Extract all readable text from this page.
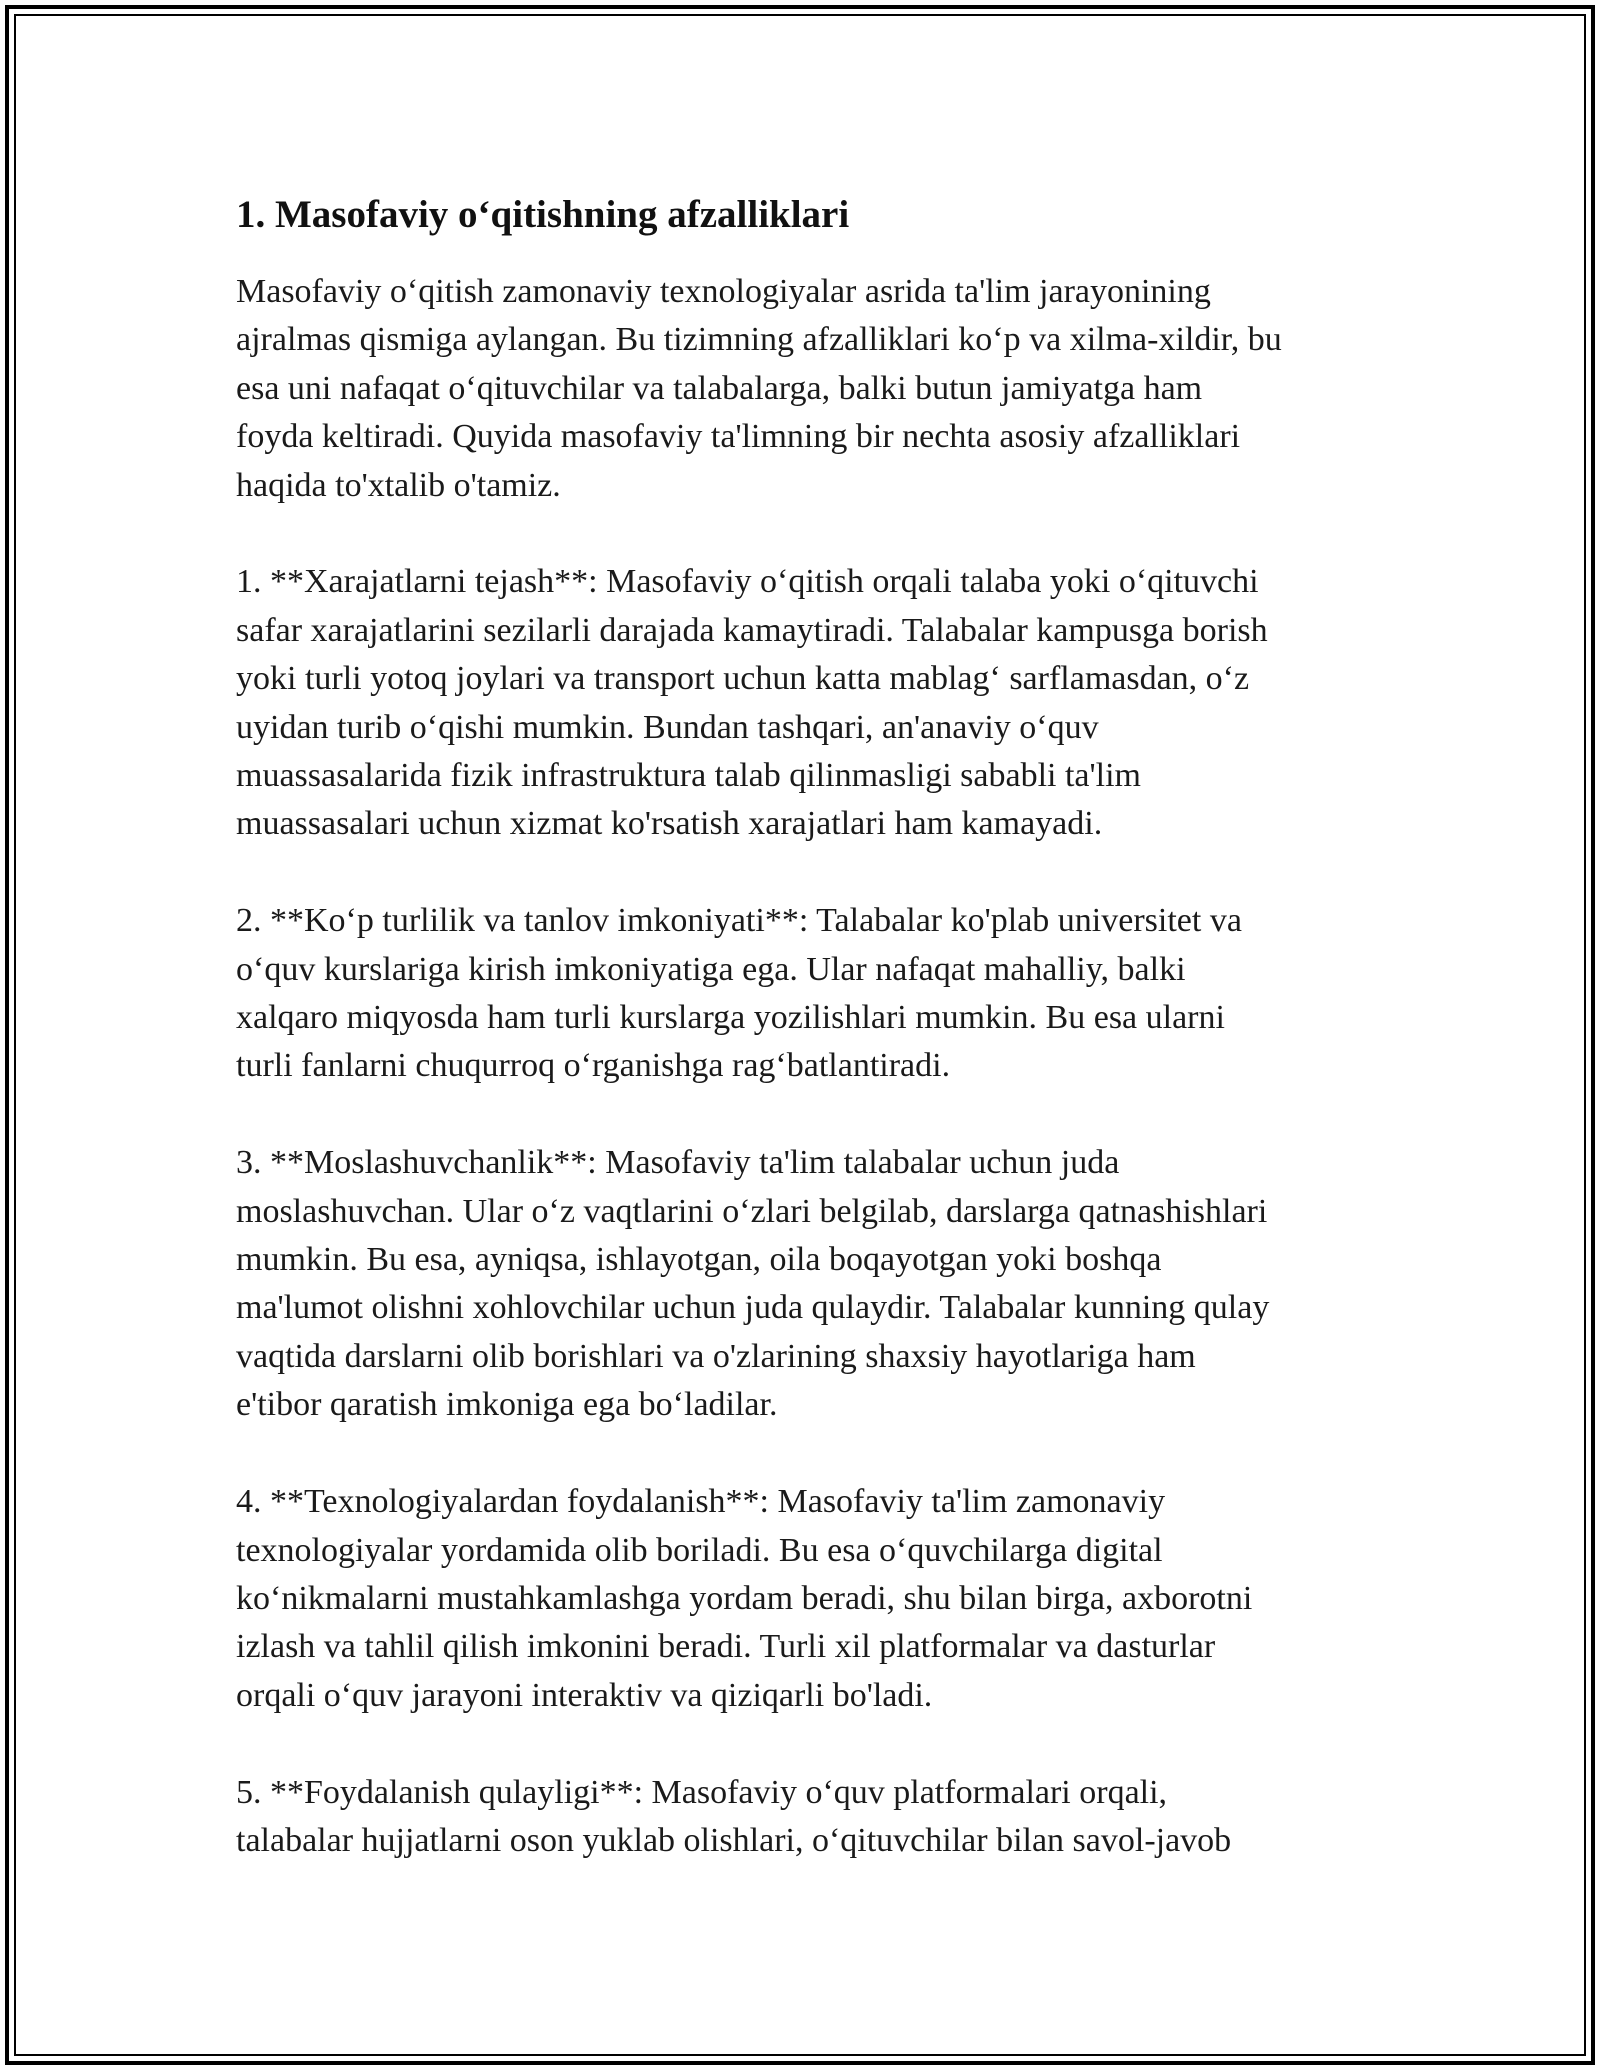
1. Masofaviy o‘qitishning afzalliklari
Masofaviy o‘qitish zamonaviy texnologiyalar asrida ta'lim jarayonining
ajralmas qismiga aylangan. Bu tizimning afzalliklari ko‘p va xilma-xildir, bu
esa uni nafaqat o‘qituvchilar va talabalarga, balki butun jamiyatga ham
foyda keltiradi. Quyida masofaviy ta'limning bir nechta asosiy afzalliklari
haqida to'xtalib o'tamiz.
1. **Xarajatlarni tejash**: Masofaviy o‘qitish orqali talaba yoki o‘qituvchi
safar xarajatlarini sezilarli darajada kamaytiradi. Talabalar kampusga borish
yoki turli yotoq joylari va transport uchun katta mablag‘ sarflamasdan, o‘z
uyidan turib o‘qishi mumkin. Bundan tashqari, an'anaviy o‘quv
muassasalarida fizik infrastruktura talab qilinmasligi sababli ta'lim
muassasalari uchun xizmat ko'rsatish xarajatlari ham kamayadi.
2. **Ko‘p turlilik va tanlov imkoniyati**: Talabalar ko'plab universitet va
o‘quv kurslariga kirish imkoniyatiga ega. Ular nafaqat mahalliy, balki
xalqaro miqyosda ham turli kurslarga yozilishlari mumkin. Bu esa ularni
turli fanlarni chuqurroq o‘rganishga rag‘batlantiradi.
3. **Moslashuvchanlik**: Masofaviy ta'lim talabalar uchun juda
moslashuvchan. Ular o‘z vaqtlarini o‘zlari belgilab, darslarga qatnashishlari
mumkin. Bu esa, ayniqsa, ishlayotgan, oila boqayotgan yoki boshqa
ma'lumot olishni xohlovchilar uchun juda qulaydir. Talabalar kunning qulay
vaqtida darslarni olib borishlari va o'zlarining shaxsiy hayotlariga ham
e'tibor qaratish imkoniga ega bo‘ladilar.
4. **Texnologiyalardan foydalanish**: Masofaviy ta'lim zamonaviy
texnologiyalar yordamida olib boriladi. Bu esa o‘quvchilarga digital
ko‘nikmalarni mustahkamlashga yordam beradi, shu bilan birga, axborotni
izlash va tahlil qilish imkonini beradi. Turli xil platformalar va dasturlar
orqali o‘quv jarayoni interaktiv va qiziqarli bo'ladi.
5. **Foydalanish qulayligi**: Masofaviy o‘quv platformalari orqali,
talabalar hujjatlarni oson yuklab olishlari, o‘qituvchilar bilan savol-javob
